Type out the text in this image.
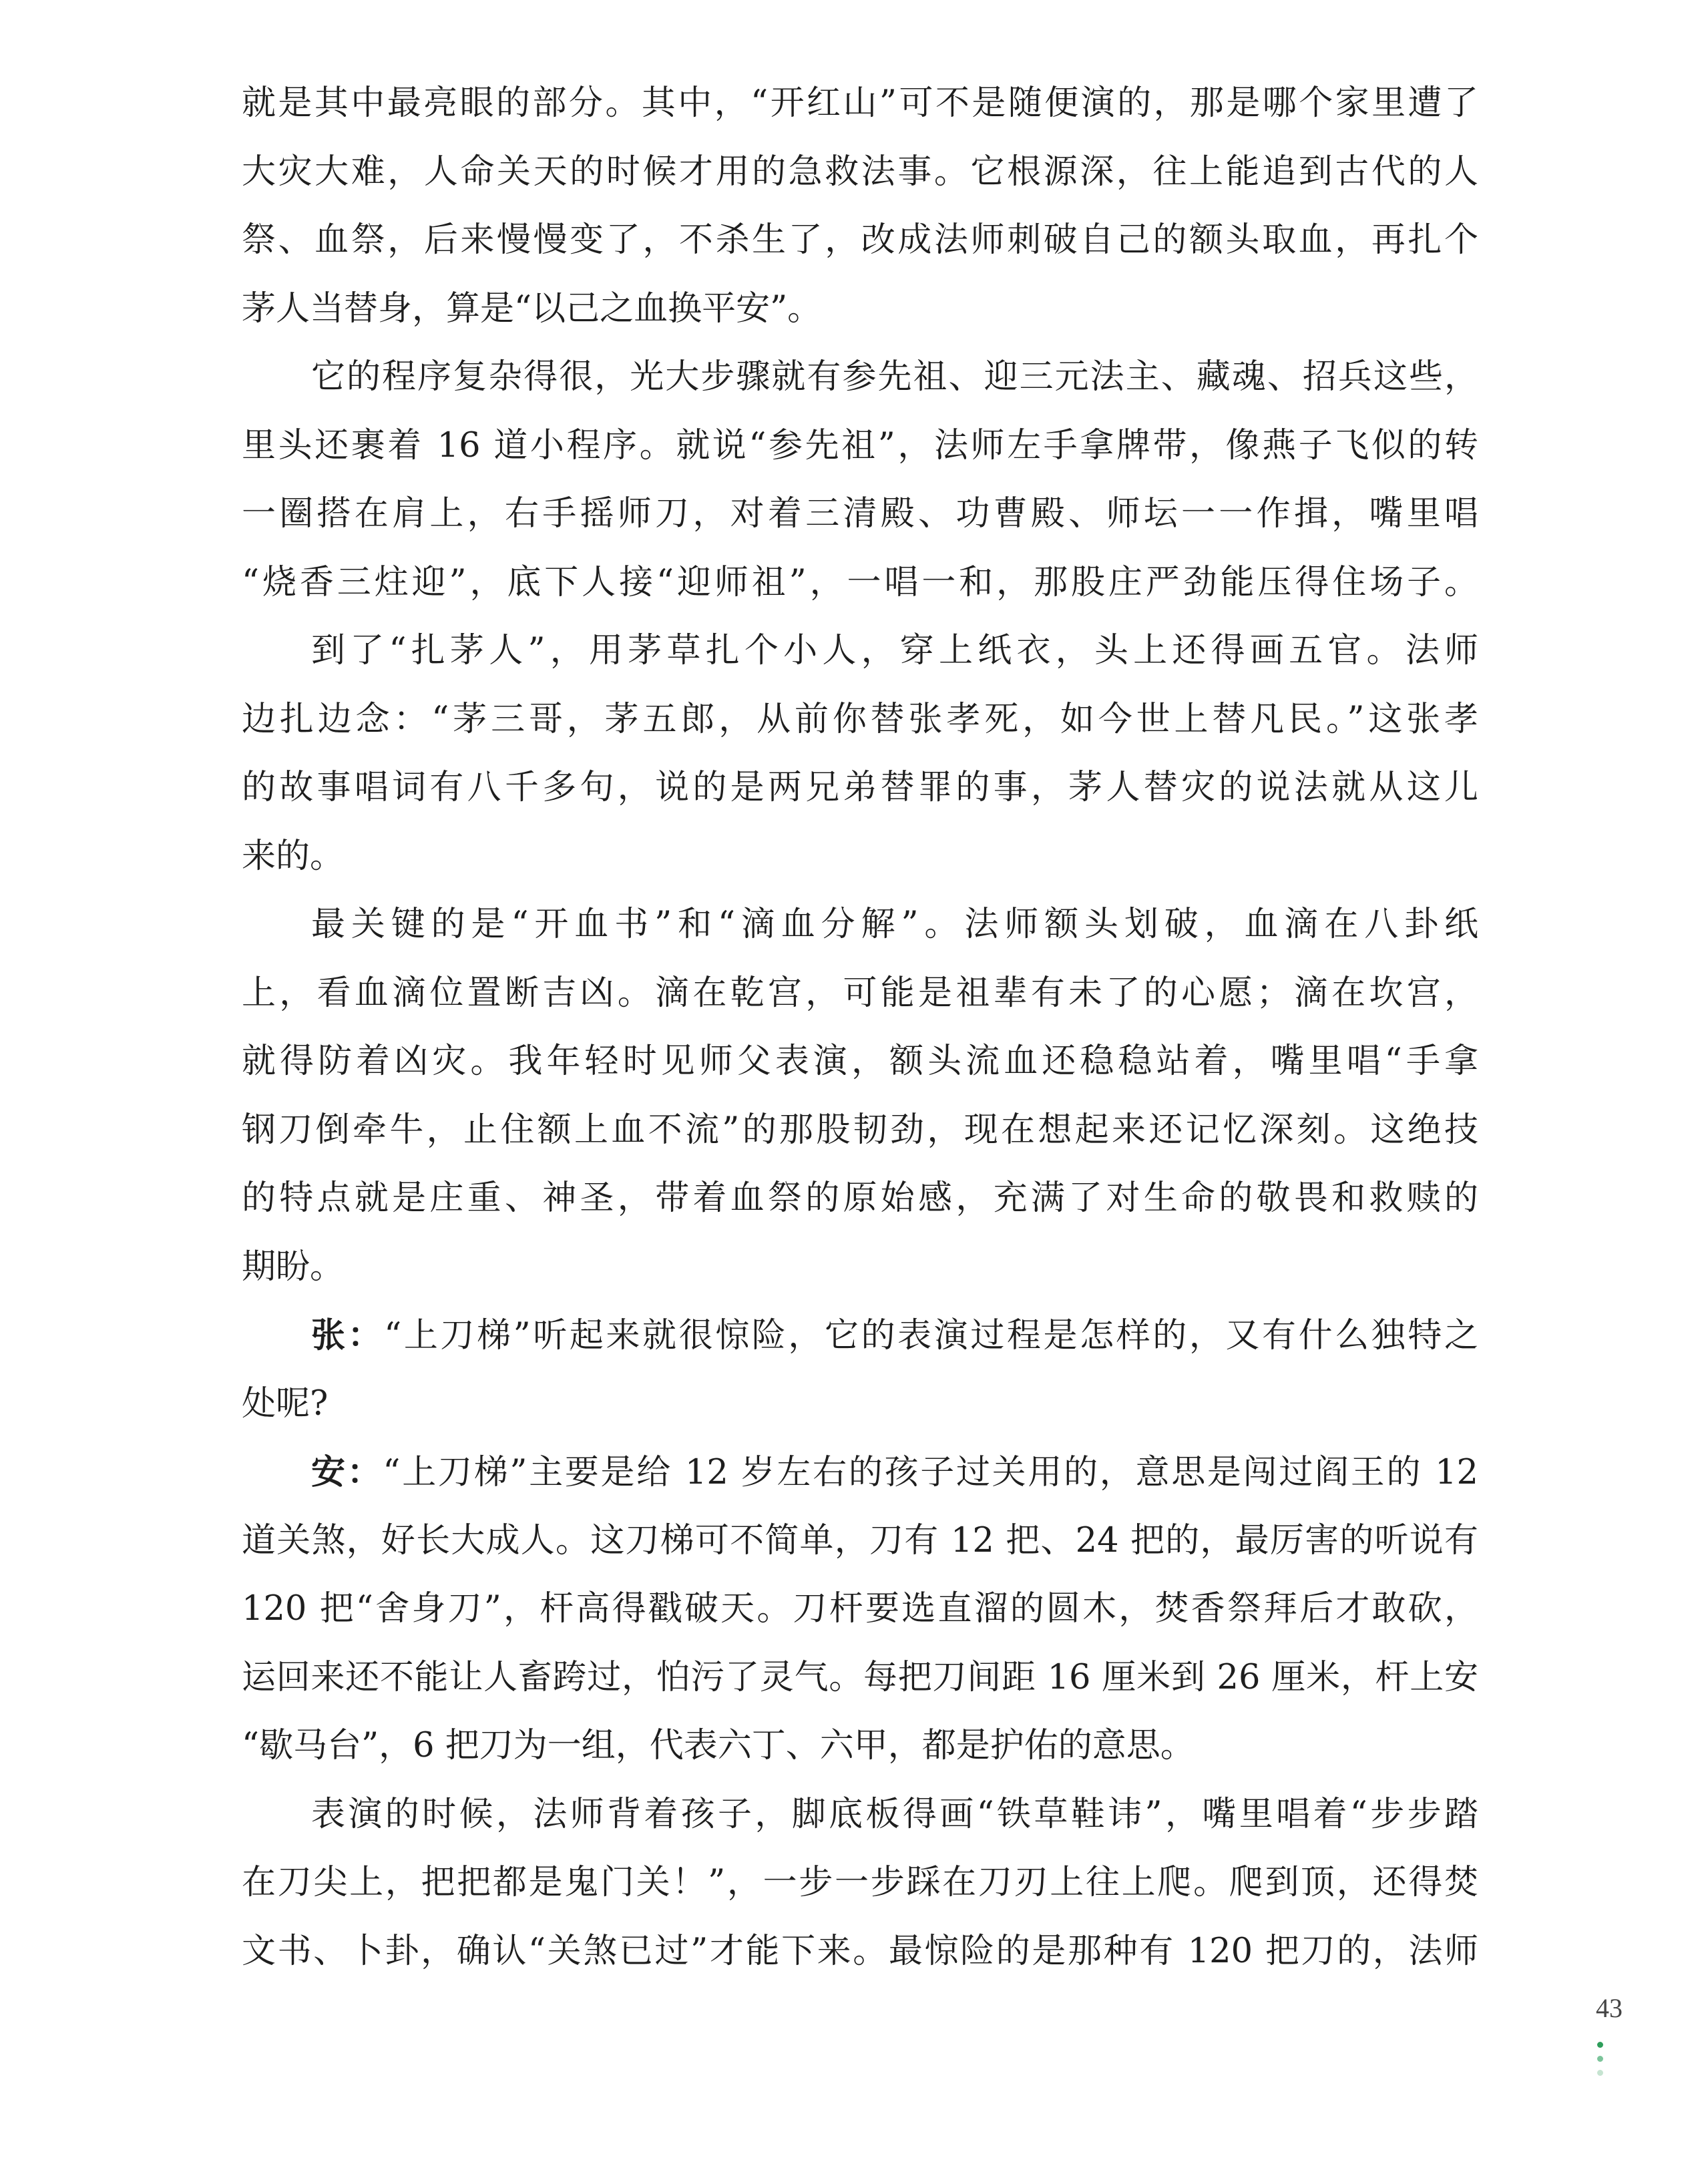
就是其中最亮眼的部分。其中，“开红山”可不是随便演的，那是哪个家里遭了
大灾大难，人命关天的时候才用的急救法事。它根源深，往上能追到古代的人
祭、血祭，后来慢慢变了，不杀生了，改成法师刺破自己的额头取血，再扎个
茅人当替身，算是“以己之血换平安”。
它的程序复杂得很，光大步骤就有参先祖、迎三元法主、藏魂、招兵这些，
里头还裹着 16 道小程序。就说“参先祖”，法师左手拿牌带，像燕子飞似的转
一圈搭在肩上，右手摇师刀，对着三清殿、功曹殿、师坛一一作揖，嘴里唱
“烧香三炷迎”，底下人接“迎师祖”，一唱一和，那股庄严劲能压得住场子。
到了“扎茅人”，用茅草扎个小人，穿上纸衣，头上还得画五官。法师
边扎边念：“茅三哥，茅五郎，从前你替张孝死，如今世上替凡民。”这张孝
的故事唱词有八千多句，说的是两兄弟替罪的事，茅人替灾的说法就从这儿
来的。
最关键的是“开血书”和“滴血分解”。法师额头划破，血滴在八卦纸
上，看血滴位置断吉凶。滴在乾宫，可能是祖辈有未了的心愿；滴在坎宫，
就得防着凶灾。我年轻时见师父表演，额头流血还稳稳站着，嘴里唱“手拿
钢刀倒牵牛，止住额上血不流”的那股韧劲，现在想起来还记忆深刻。这绝技
的特点就是庄重、神圣，带着血祭的原始感，充满了对生命的敬畏和救赎的
期盼。
张：“上刀梯”听起来就很惊险，它的表演过程是怎样的，又有什么独特之
处呢?
安：“上刀梯”主要是给 12 岁左右的孩子过关用的，意思是闯过阎王的 12
道关煞，好长大成人。这刀梯可不简单，刀有 12 把、24 把的，最厉害的听说有
120 把“舍身刀”，杆高得戳破天。刀杆要选直溜的圆木，焚香祭拜后才敢砍，
运回来还不能让人畜跨过，怕污了灵气。每把刀间距 16 厘米到 26 厘米，杆上安
“歇马台”，6 把刀为一组，代表六丁、六甲，都是护佑的意思。
表演的时候，法师背着孩子，脚底板得画“铁草鞋讳”，嘴里唱着“步步踏
在刀尖上，把把都是鬼门关！”，一步一步踩在刀刃上往上爬。爬到顶，还得焚
文书、卜卦，确认“关煞已过”才能下来。最惊险的是那种有 120 把刀的，法师
43
